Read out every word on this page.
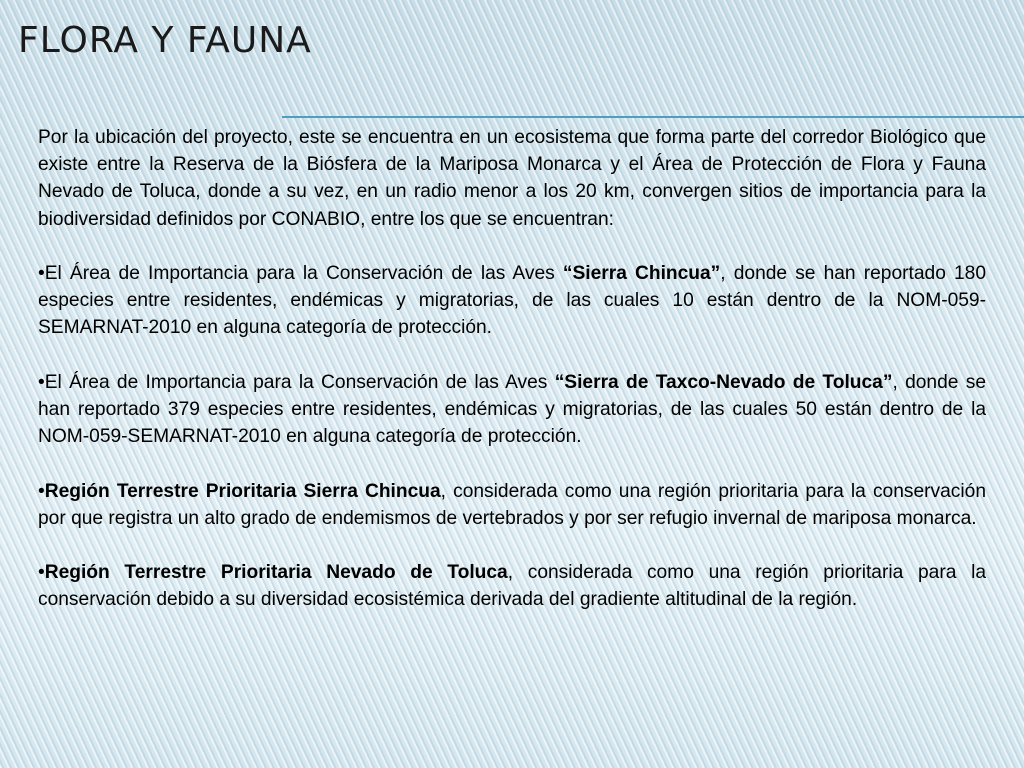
FLORA Y FAUNA

Por la ubicación del proyecto, este se encuentra en un ecosistema que forma parte del corredor Biológico que existe entre la Reserva de la Biósfera de la Mariposa Monarca y el Área de Protección de Flora y Fauna Nevado de Toluca, donde a su vez, en un radio menor a los 20 km, convergen sitios de importancia para la biodiversidad definidos por CONABIO, entre los que se encuentran:

•El Área de Importancia para la Conservación de las Aves “Sierra Chincua”, donde se han reportado 180 especies entre residentes, endémicas y migratorias, de las cuales 10 están dentro de la NOM-059-SEMARNAT-2010 en alguna categoría de protección.

•El Área de Importancia para la Conservación de las Aves “Sierra de Taxco-Nevado de Toluca”, donde se han reportado 379 especies entre residentes, endémicas y migratorias, de las cuales 50 están dentro de la NOM-059-SEMARNAT-2010 en alguna categoría de protección.

•Región Terrestre Prioritaria Sierra Chincua, considerada como una región prioritaria para la conservación por que registra un alto grado de endemismos de vertebrados y por ser refugio invernal de mariposa monarca.

•Región Terrestre Prioritaria Nevado de Toluca, considerada como una región prioritaria para la conservación debido a su diversidad ecosistémica derivada del gradiente altitudinal de la región.
